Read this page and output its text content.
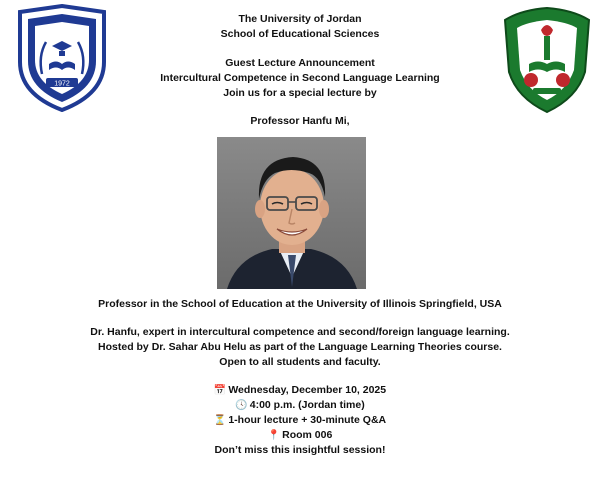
1972
The University of Jordan
School of Educational Sciences
Guest Lecture Announcement
Intercultural Competence in Second Language Learning
Join us for a special lecture by
Professor Hanfu Mi,
Professor in the School of Education at the University of Illinois Springfield, USA
Dr. Hanfu, expert in intercultural competence and second/foreign language learning.
Hosted by Dr. Sahar Abu Helu as part of the Language Learning Theories course.
Open to all students and faculty.
📅 Wednesday, December 10, 2025
🕓 4:00 p.m. (Jordan time)
⏳ 1-hour lecture + 30-minute Q&A
📍 Room 006
Don’t miss this insightful session!
